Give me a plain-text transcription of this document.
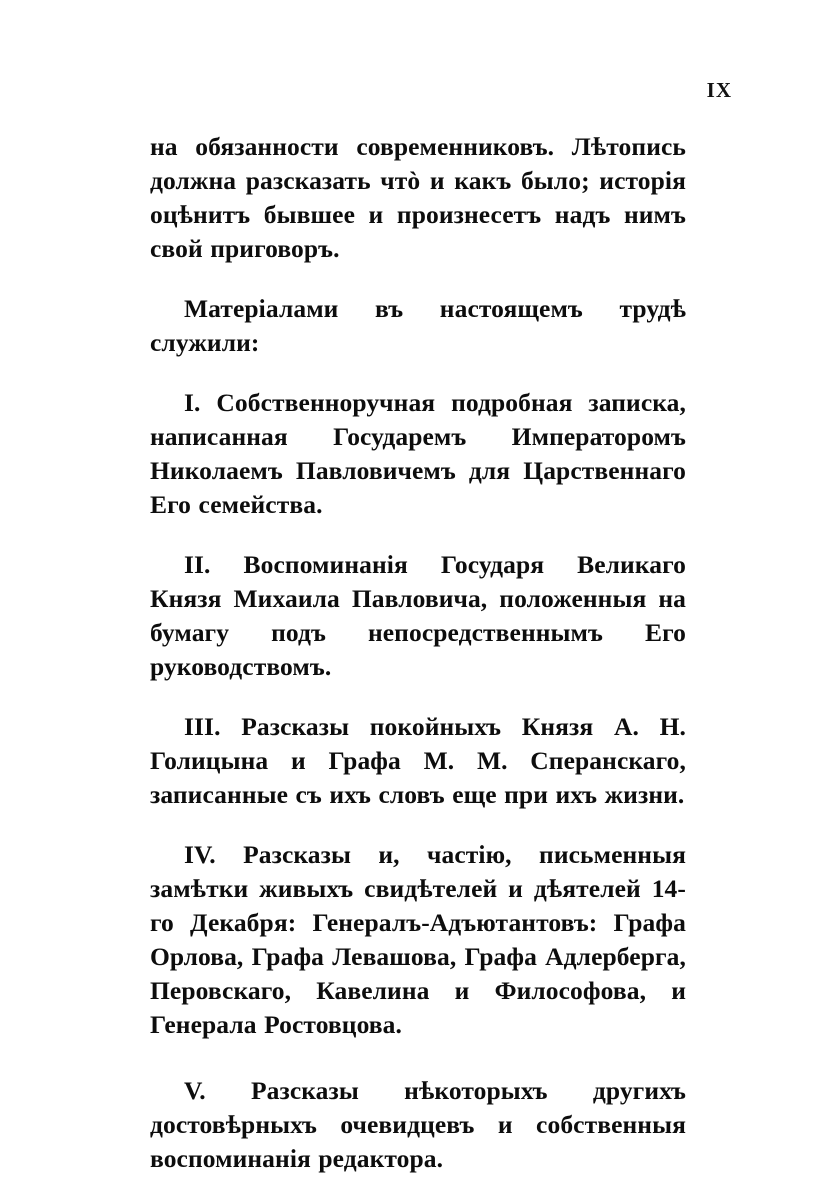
IX

на обязанности современниковъ. Лѣтопись должна разсказать чтò и какъ было; исторія оцѣнитъ бывшее и произнесетъ надъ нимъ свой приговоръ.

Матеріалами въ настоящемъ трудѣ служили:

I. Собственноручная подробная записка, написанная Государемъ Императоромъ Николаемъ Павловичемъ для Царственнаго Его семейства.

II. Воспоминанія Государя Великаго Князя Михаила Павловича, положенныя на бумагу подъ непосредственнымъ Его руководствомъ.

III. Разсказы покойныхъ Князя А. Н. Голицына и Графа М. М. Сперанскаго, записанные съ ихъ словъ еще при ихъ жизни.

IV. Разсказы и, частію, письменныя замѣтки живыхъ свидѣтелей и дѣятелей 14-го Декабря: Генералъ-Адъютантовъ: Графа Орлова, Графа Левашова, Графа Адлерберга, Перовскаго, Кавелина и Философова, и Генерала Ростовцова.

V. Разсказы нѣкоторыхъ другихъ достовѣрныхъ очевидцевъ и собственныя воспоминанія редактора.
